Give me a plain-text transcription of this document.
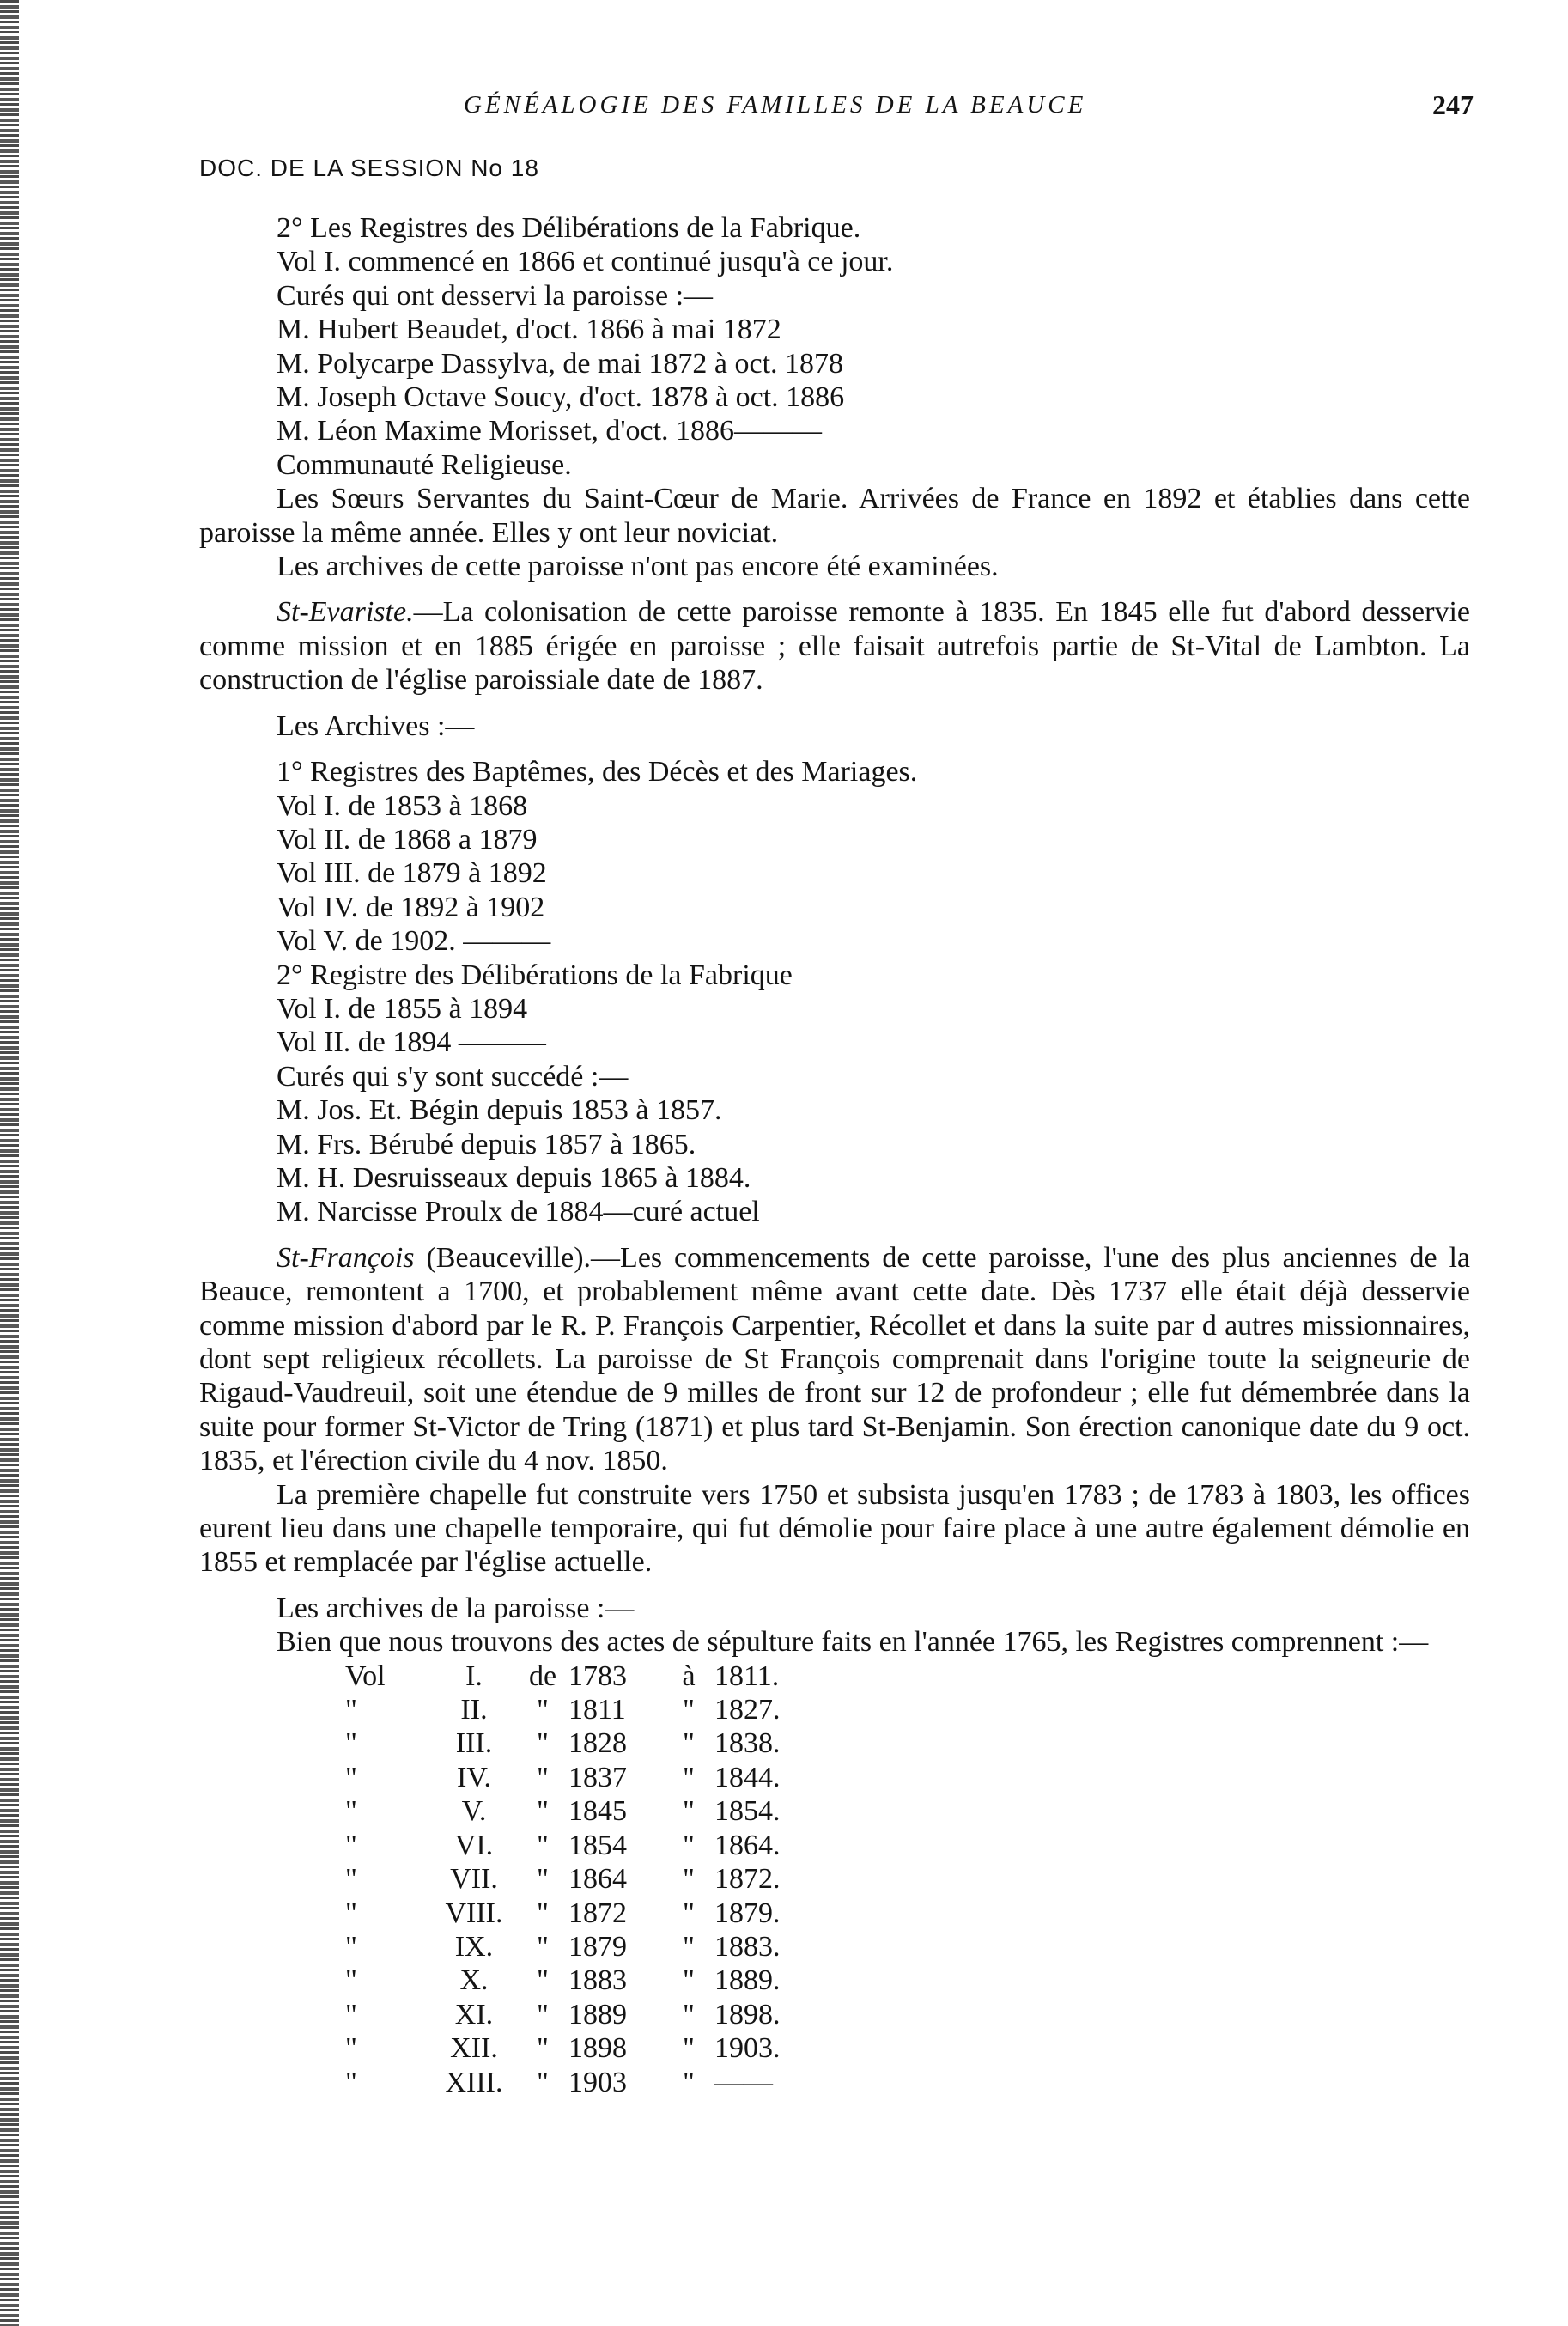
GÉNÉALOGIE DES FAMILLES DE LA BEAUCE	247
DOC. DE LA SESSION No 18
2° Les Registres des Délibérations de la Fabrique.
Vol I. commencé en 1866 et continué jusqu'à ce jour.
Curés qui ont desservi la paroisse :—
M. Hubert Beaudet, d'oct. 1866 à mai 1872
M. Polycarpe Dassylva, de mai 1872 à oct. 1878
M. Joseph Octave Soucy, d'oct. 1878 à oct. 1886
M. Léon Maxime Morisset, d'oct. 1886———
Communauté Religieuse.
Les Sœurs Servantes du Saint-Cœur de Marie. Arrivées de France en 1892 et établies dans cette paroisse la même année. Elles y ont leur noviciat.
Les archives de cette paroisse n'ont pas encore été examinées.
St-Evariste.—La colonisation de cette paroisse remonte à 1835. En 1845 elle fut d'abord desservie comme mission et en 1885 érigée en paroisse ; elle faisait autrefois partie de St-Vital de Lambton. La construction de l'église paroissiale date de 1887.
Les Archives :—
1° Registres des Baptêmes, des Décès et des Mariages.
Vol I. de 1853 à 1868
Vol II. de 1868 a 1879
Vol III. de 1879 à 1892
Vol IV. de 1892 à 1902
Vol V. de 1902. ———
2° Registre des Délibérations de la Fabrique
Vol I. de 1855 à 1894
Vol II. de 1894 ———
Curés qui s'y sont succédé :—
M. Jos. Et. Bégin depuis 1853 à 1857.
M. Frs. Bérubé depuis 1857 à 1865.
M. H. Desruisseaux depuis 1865 à 1884.
M. Narcisse Proulx de 1884—curé actuel
St-François (Beauceville).—Les commencements de cette paroisse, l'une des plus anciennes de la Beauce, remontent a 1700, et probablement même avant cette date. Dès 1737 elle était déjà desservie comme mission d'abord par le R. P. François Carpentier, Récollet et dans la suite par d autres missionnaires, dont sept religieux récollets. La paroisse de St François comprenait dans l'origine toute la seigneurie de Rigaud-Vaudreuil, soit une étendue de 9 milles de front sur 12 de profondeur ; elle fut démembrée dans la suite pour former St-Victor de Tring (1871) et plus tard St-Benjamin. Son érection canonique date du 9 oct. 1835, et l'érection civile du 4 nov. 1850.
La première chapelle fut construite vers 1750 et subsista jusqu'en 1783 ; de 1783 à 1803, les offices eurent lieu dans une chapelle temporaire, qui fut démolie pour faire place à une autre également démolie en 1855 et remplacée par l'église actuelle.
Les archives de la paroisse :—
Bien que nous trouvons des actes de sépulture faits en l'année 1765, les Registres comprennent :—
Vol	I.	de	1783	à	1811.
"	II.	"	1811	"	1827.
"	III.	"	1828	"	1838.
"	IV.	"	1837	"	1844.
"	V.	"	1845	"	1854.
"	VI.	"	1854	"	1864.
"	VII.	"	1864	"	1872.
"	VIII.	"	1872	"	1879.
"	IX.	"	1879	"	1883.
"	X.	"	1883	"	1889.
"	XI.	"	1889	"	1898.
"	XII.	"	1898	"	1903.
"	XIII.	"	1903	"	——
